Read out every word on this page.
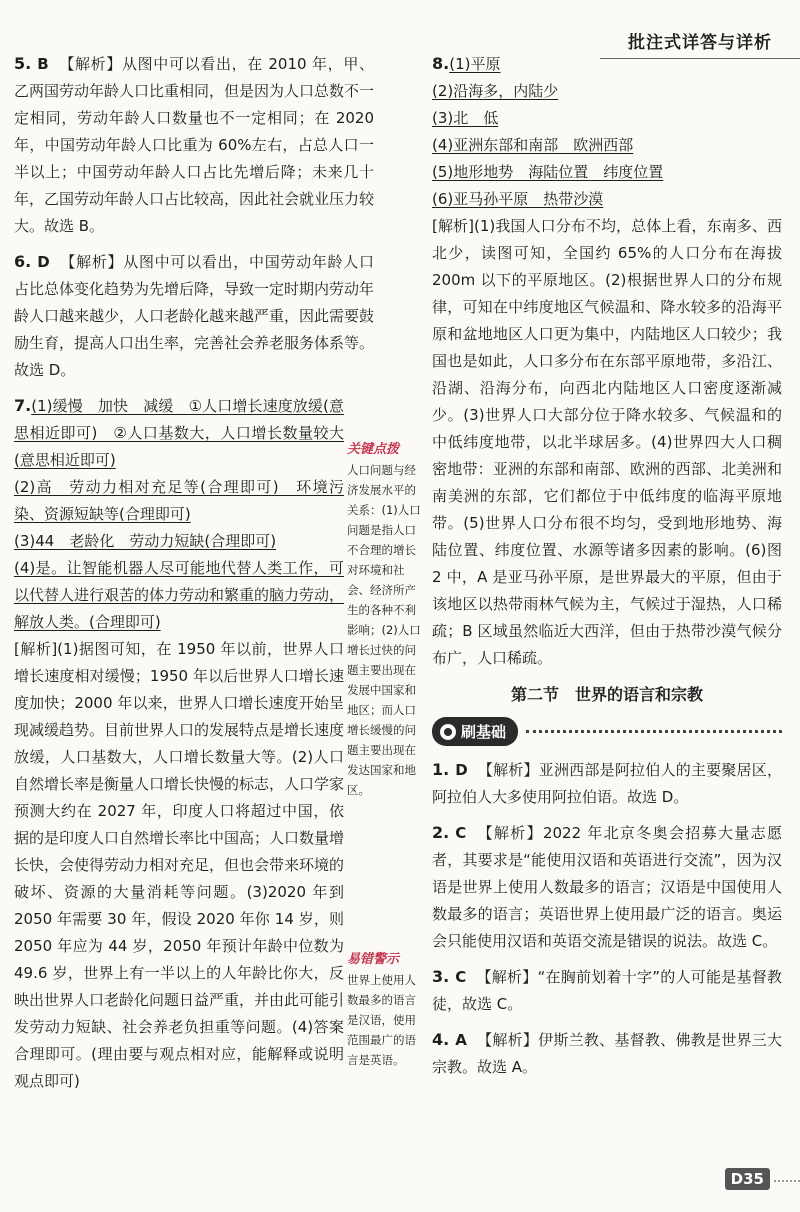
批注式详答与详析
5. B 【解析】从图中可以看出，在 2010 年，甲、乙两国劳动年龄人口比重相同，但是因为人口总数不一定相同，劳动年龄人口数量也不一定相同；在 2020 年，中国劳动年龄人口比重为 60%左右，占总人口一半以上；中国劳动年龄人口占比先增后降；未来几十年，乙国劳动年龄人口占比较高，因此社会就业压力较大。故选 B。
6. D 【解析】从图中可以看出，中国劳动年龄人口占比总体变化趋势为先增后降，导致一定时期内劳动年龄人口越来越少，人口老龄化越来越严重，因此需要鼓励生育，提高人口出生率，完善社会养老服务体系等。故选 D。

7.(1)缓慢　加快　减缓　①人口增长速度放缓(意思相近即可)　②人口基数大，人口增长数量较大(意思相近即可)

(2)高　劳动力相对充足等(合理即可)　环境污染、资源短缺等(合理即可)

(3)44　老龄化　劳动力短缺(合理即可)

(4)是。让智能机器人尽可能地代替人类工作，可以代替人进行艰苦的体力劳动和繁重的脑力劳动，解放人类。(合理即可)

[解析](1)据图可知，在 1950 年以前，世界人口增长速度相对缓慢；1950 年以后世界人口增长速度加快；2000 年以来，世界人口增长速度开始呈现减缓趋势。目前世界人口的发展特点是增长速度放缓，人口基数大，人口增长数量大等。(2)人口自然增长率是衡量人口增长快慢的标志，人口学家预测大约在 2027 年，印度人口将超过中国，依据的是印度人口自然增长率比中国高；人口数量增长快，会使得劳动力相对充足，但也会带来环境的破坏、资源的大量消耗等问题。(3)2020 年到 2050 年需要 30 年，假设 2020 年你 14 岁，则 2050 年应为 44 岁，2050 年预计年龄中位数为 49.6 岁，世界上有一半以上的人年龄比你大，反映出世界人口老龄化问题日益严重，并由此可能引发劳动力短缺、社会养老负担重等问题。(4)答案合理即可。(理由要与观点相对应，能解释或说明观点即可)

关键点拨
人口问题与经济发展水平的关系：(1)人口问题是指人口不合理的增长对环境和社会、经济所产生的各种不利影响；(2)人口增长过快的问题主要出现在发展中国家和地区；而人口增长缓慢的问题主要出现在发达国家和地区。
易错警示
世界上使用人数最多的语言是汉语，使用范围最广的语言是英语。

8.(1)平原

(2)沿海多，内陆少

(3)北　低

(4)亚洲东部和南部　欧洲西部

(5)地形地势　海陆位置　纬度位置

(6)亚马孙平原　热带沙漠

[解析](1)我国人口分布不均，总体上看，东南多、西北少，读图可知，全国约 65%的人口分布在海拔 200m 以下的平原地区。(2)根据世界人口的分布规律，可知在中纬度地区气候温和、降水较多的沿海平原和盆地地区人口更为集中，内陆地区人口较少；我国也是如此，人口多分布在东部平原地带，多沿江、沿湖、沿海分布，向西北内陆地区人口密度逐渐减少。(3)世界人口大部分位于降水较多、气候温和的中低纬度地带，以北半球居多。(4)世界四大人口稠密地带：亚洲的东部和南部、欧洲的西部、北美洲和南美洲的东部，它们都位于中低纬度的临海平原地带。(5)世界人口分布很不均匀，受到地形地势、海陆位置、纬度位置、水源等诸多因素的影响。(6)图 2 中，A 是亚马孙平原，是世界最大的平原，但由于该地区以热带雨林气候为主，气候过于湿热，人口稀疏；B 区域虽然临近大西洋，但由于热带沙漠气候分布广，人口稀疏。

第二节　世界的语言和宗教
刷基础
1. D 【解析】亚洲西部是阿拉伯人的主要聚居区，阿拉伯人大多使用阿拉伯语。故选 D。
2. C 【解析】2022 年北京冬奥会招募大量志愿者，其要求是“能使用汉语和英语进行交流”，因为汉语是世界上使用人数最多的语言；汉语是中国使用人数最多的语言；英语世界上使用最广泛的语言。奥运会只能使用汉语和英语交流是错误的说法。故选 C。
3. C 【解析】“在胸前划着十字”的人可能是基督教徒，故选 C。
4. A 【解析】伊斯兰教、基督教、佛教是世界三大宗教。故选 A。
D35
